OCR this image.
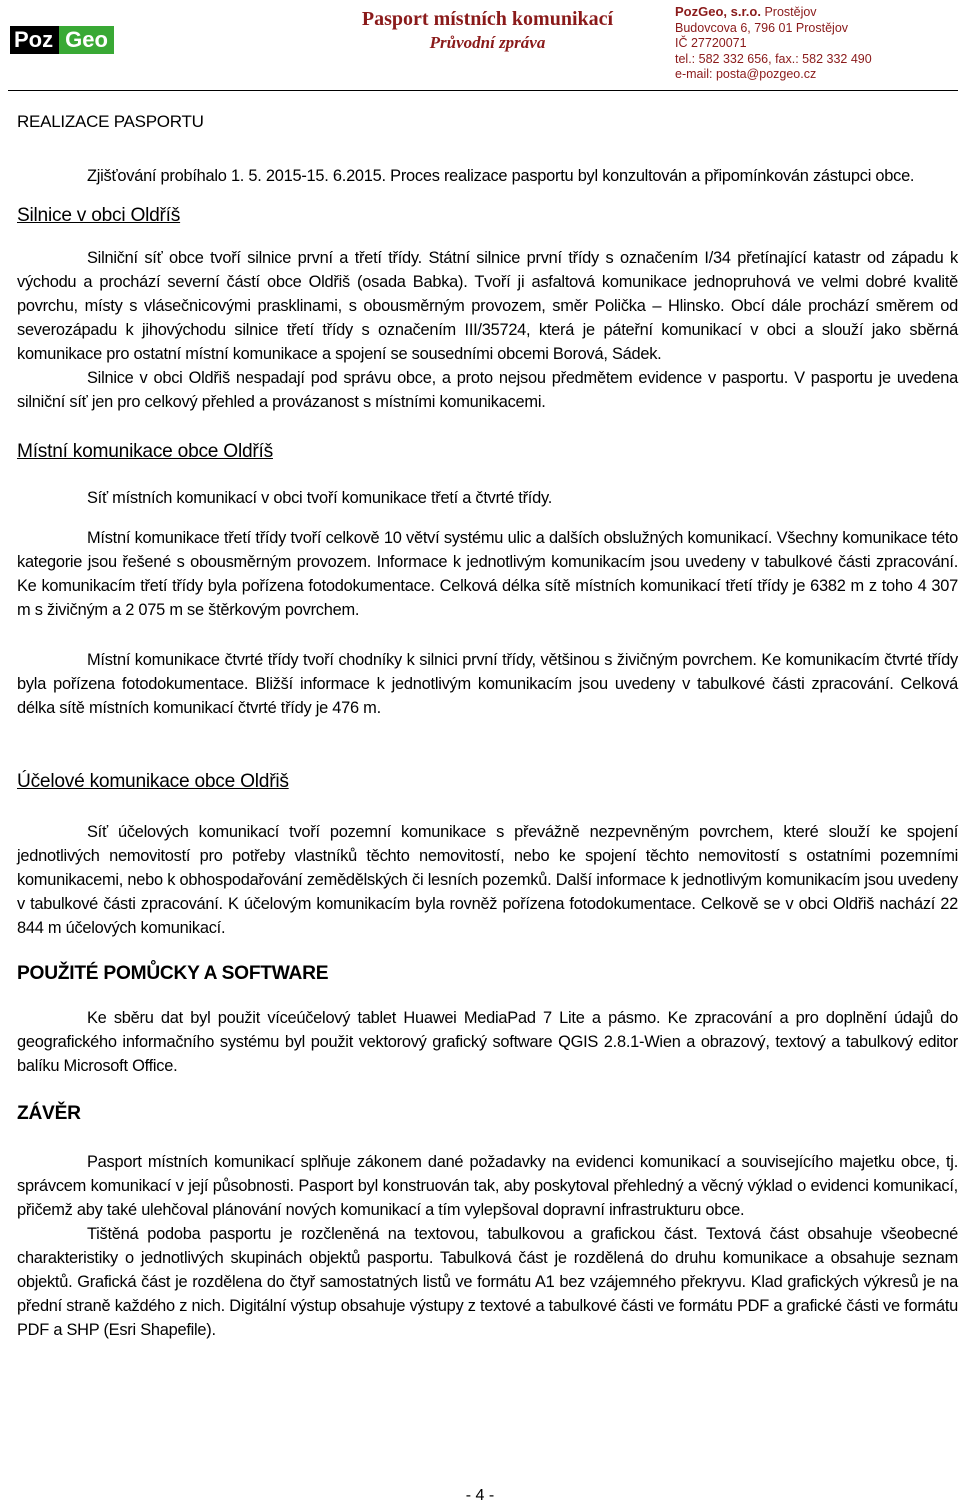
Poz Geo
Pasport místních komunikací
Průvodní zpráva
PozGeo, s.r.o. Prostějov
Budovcova 6, 796 01 Prostějov
IČ 27720071
tel.: 582 332 656, fax.: 582 332 490
e-mail: posta@pozgeo.cz
REALIZACE PASPORTU

Zjišťování probíhalo 1. 5. 2015-15. 6.2015. Proces realizace pasportu byl konzultován a připomínkován zástupci obce.

Silnice v obci Oldříš

Silniční síť obce tvoří silnice první a třetí třídy. Státní silnice první třídy s označením I/34 přetínající katastr od západu k východu a prochází severní částí obce Oldřiš (osada Babka). Tvoří ji asfaltová komunikace jednopruhová ve velmi dobré kvalitě povrchu, místy s vlásečnicovými prasklinami, s obousměrným provozem, směr Polička – Hlinsko. Obcí dále prochází směrem od severozápadu k jihovýchodu silnice třetí třídy s označením III/35724, která je páteřní komunikací v obci a slouží jako sběrná komunikace pro ostatní místní komunikace a spojení se sousedními obcemi Borová, Sádek.

Silnice v obci Oldřiš nespadají pod správu obce, a proto nejsou předmětem evidence v pasportu. V pasportu je uvedena silniční síť jen pro celkový přehled a provázanost s místními komunikacemi.

Místní komunikace obce Oldříš

Síť místních komunikací v obci tvoří komunikace třetí a čtvrté třídy.

Místní komunikace třetí třídy tvoří celkově 10 větví systému ulic a dalších obslužných komunikací. Všechny komunikace této kategorie jsou řešené s obousměrným provozem. Informace k jednotlivým komunikacím jsou uvedeny v tabulkové části zpracování. Ke komunikacím třetí třídy byla pořízena fotodokumentace. Celková délka sítě místních komunikací třetí třídy je 6382 m z toho 4 307 m s živičným a 2 075 m se štěrkovým povrchem.

Místní komunikace čtvrté třídy tvoří chodníky k silnici první třídy, většinou s živičným povrchem. Ke komunikacím čtvrté třídy byla pořízena fotodokumentace. Bližší informace k jednotlivým komunikacím jsou uvedeny v tabulkové části zpracování. Celková délka sítě místních komunikací čtvrté třídy je 476 m.

Účelové komunikace obce Oldřiš

Síť účelových komunikací tvoří pozemní komunikace s převážně nezpevněným povrchem, které slouží ke spojení jednotlivých nemovitostí pro potřeby vlastníků těchto nemovitostí, nebo ke spojení těchto nemovitostí s ostatními pozemními komunikacemi, nebo k obhospodařování zemědělských či lesních pozemků. Další informace k jednotlivým komunikacím jsou uvedeny v tabulkové části zpracování. K účelovým komunikacím byla rovněž pořízena fotodokumentace. Celkově se v obci Oldřiš nachází 22 844 m účelových komunikací.

POUŽITÉ POMŮCKY A SOFTWARE

Ke sběru dat byl použit víceúčelový tablet Huawei MediaPad 7 Lite a pásmo. Ke zpracování a pro doplnění údajů do geografického informačního systému byl použit vektorový grafický software QGIS 2.8.1-Wien a obrazový, textový a tabulkový editor balíku Microsoft Office.

ZÁVĚR

Pasport místních komunikací splňuje zákonem dané požadavky na evidenci komunikací a souvisejícího majetku obce, tj. správcem komunikací v její působnosti. Pasport byl konstruován tak, aby poskytoval přehledný a věcný výklad o evidenci komunikací, přičemž aby také ulehčoval plánování nových komunikací a tím vylepšoval dopravní infrastrukturu obce.

Tištěná podoba pasportu je rozčleněná na textovou, tabulkovou a grafickou část. Textová část obsahuje všeobecné charakteristiky o jednotlivých skupinách objektů pasportu. Tabulková část je rozdělená do druhu komunikace a obsahuje seznam objektů. Grafická část je rozdělena do čtyř samostatných listů ve formátu A1 bez vzájemného překryvu. Klad grafických výkresů je na přední straně každého z nich. Digitální výstup obsahuje výstupy z textové a tabulkové části ve formátu PDF a grafické části ve formátu PDF a SHP (Esri Shapefile).

- 4 -
